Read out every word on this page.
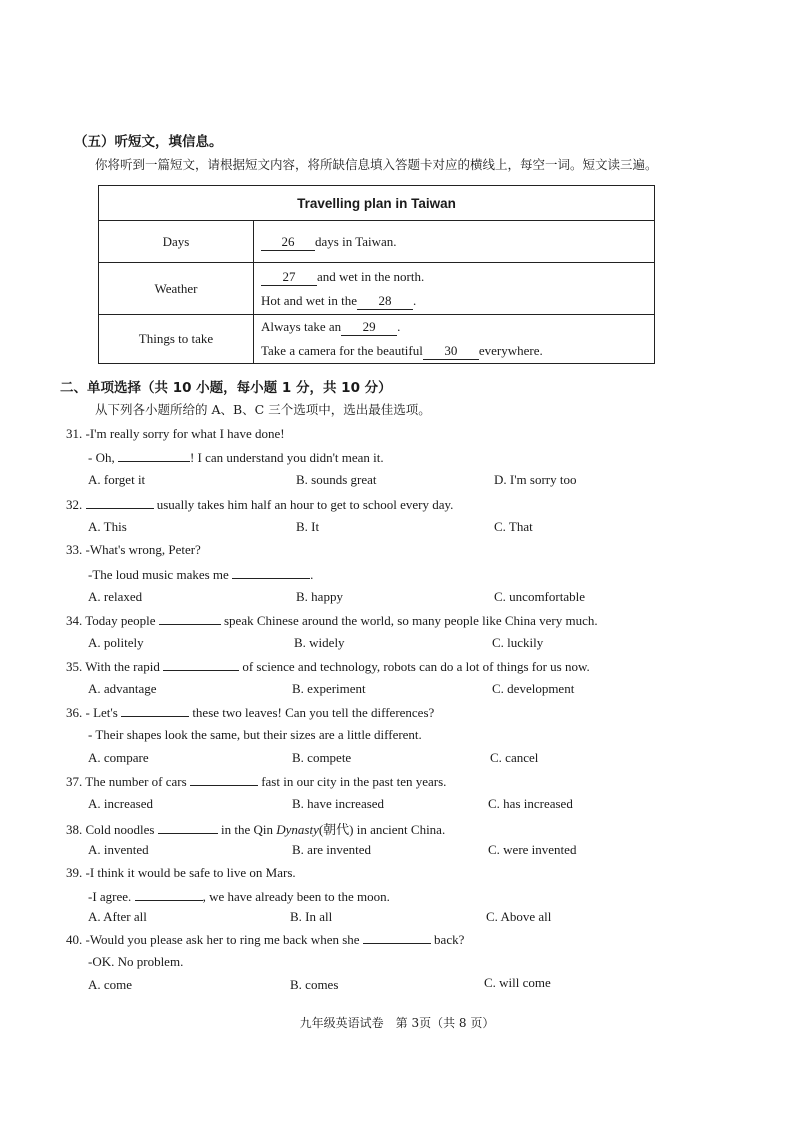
（五）听短文，填信息。
你将听到一篇短文，请根据短文内容，将所缺信息填入答题卡对应的横线上，每空一词。短文读三遍。
Travelling plan in Taiwan	
Days	26 days in Taiwan.

Weather	27 and wet in the north.
Hot and wet in the 28 .

Things to take	Always take an 29 .
Take a camera for the beautiful 30 everywhere.
二、单项选择（共 10 小题，每小题 1 分，共 10 分）
从下列各小题所给的 A、B、C 三个选项中，选出最佳选项。
31. -I'm really sorry for what I have done!
- Oh,	! I can understand you didn't mean it.
A. forget it	B. sounds great	D. I'm sorry too
32.	usually takes him half an hour to get to school every day.
A. This	B. It	C. That
33. -What's wrong, Peter?
-The loud music makes me	.
A. relaxed	B. happy	C. uncomfortable
34. Today people	speak Chinese around the world, so many people like China very much.
A. politely	B. widely	C. luckily
35. With the rapid	of science and technology, robots can do a lot of things for us now.
A. advantage	B. experiment	C. development
36. - Let's	these two leaves! Can you tell the differences?
- Their shapes look the same, but their sizes are a little different.
A. compare	B. compete	C. cancel
37. The number of cars	fast in our city in the past ten years.
A. increased	B. have increased	C. has increased
38. Cold noodles	in the Qin Dynasty(朝代) in ancient China.
A. invented	B. are invented	C. were invented
39. -I think it would be safe to live on Mars.
-I agree.	, we have already been to the moon.
A. After all	B. In all	C. Above all
40. -Would you please ask her to ring me back when she	back?
-OK. No problem.
A. come	B. comes	C. will come
九年级英语试卷　第 3页（共 8 页）
